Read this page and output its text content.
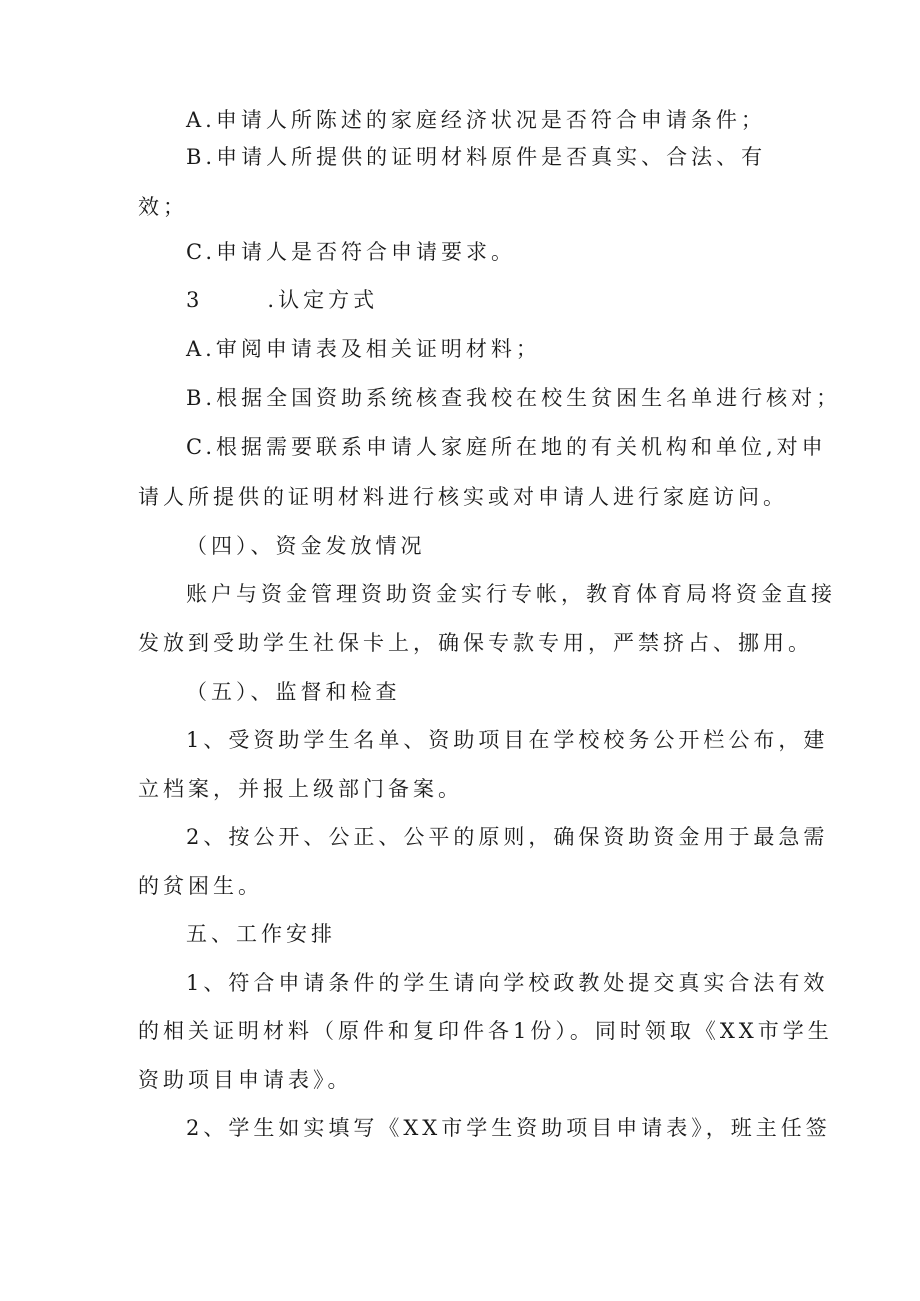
A.申请人所陈述的家庭经济状况是否符合申请条件；
B.申请人所提供的证明材料原件是否真实、合法、有
效；
C.申请人是否符合申请要求。
3      .认定方式
A.审阅申请表及相关证明材料；
B.根据全国资助系统核查我校在校生贫困生名单进行核对；
C.根据需要联系申请人家庭所在地的有关机构和单位,对申
请人所提供的证明材料进行核实或对申请人进行家庭访问。
（四）、资金发放情况
账户与资金管理资助资金实行专帐，教育体育局将资金直接
发放到受助学生社保卡上，确保专款专用，严禁挤占、挪用。
（五）、监督和检查
1、受资助学生名单、资助项目在学校校务公开栏公布，建
立档案，并报上级部门备案。
2、按公开、公正、公平的原则，确保资助资金用于最急需
的贫困生。
五、工作安排
1、符合申请条件的学生请向学校政教处提交真实合法有效
的相关证明材料（原件和复印件各1份）。同时领取《XX市学生
资助项目申请表》。
2、学生如实填写《XX市学生资助项目申请表》，班主任签
